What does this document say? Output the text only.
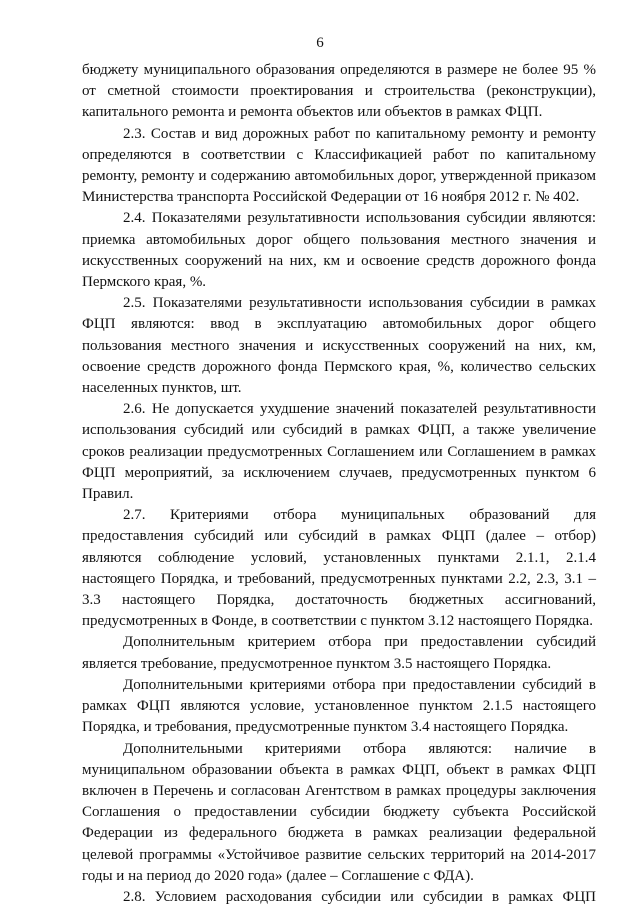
6

бюджету муниципального образования определяются в размере не более 95 % от сметной стоимости проектирования и строительства (реконструкции), капитального ремонта и ремонта объектов или объектов в рамках ФЦП.

2.3. Состав и вид дорожных работ по капитальному ремонту и ремонту определяются в соответствии с Классификацией работ по капитальному ремонту, ремонту и содержанию автомобильных дорог, утвержденной приказом Министерства транспорта Российской Федерации от 16 ноября 2012 г. № 402.

2.4. Показателями результативности использования субсидии являются: приемка автомобильных дорог общего пользования местного значения и искусственных сооружений на них, км и освоение средств дорожного фонда Пермского края, %.

2.5. Показателями результативности использования субсидии в рамках ФЦП являются: ввод в эксплуатацию автомобильных дорог общего пользования местного значения и искусственных сооружений на них, км, освоение средств дорожного фонда Пермского края, %, количество сельских населенных пунктов, шт.

2.6. Не допускается ухудшение значений показателей результативности использования субсидий или субсидий в рамках ФЦП, а также увеличение сроков реализации предусмотренных Соглашением или Соглашением в рамках ФЦП мероприятий, за исключением случаев, предусмотренных пунктом 6 Правил.

2.7. Критериями отбора муниципальных образований для предоставления субсидий или субсидий в рамках ФЦП (далее – отбор) являются соблюдение условий, установленных пунктами 2.1.1, 2.1.4 настоящего Порядка, и требований, предусмотренных пунктами 2.2, 2.3, 3.1 – 3.3 настоящего Порядка, достаточность бюджетных ассигнований, предусмотренных в Фонде, в соответствии с пунктом 3.12 настоящего Порядка.

Дополнительным критерием отбора при предоставлении субсидий является требование, предусмотренное пунктом 3.5 настоящего Порядка.

Дополнительными критериями отбора при предоставлении субсидий в рамках ФЦП являются условие, установленное пунктом 2.1.5 настоящего Порядка, и требования, предусмотренные пунктом 3.4 настоящего Порядка.

Дополнительными критериями отбора являются: наличие в муниципальном образовании объекта в рамках ФЦП, объект в рамках ФЦП включен в Перечень и согласован Агентством в рамках процедуры заключения Соглашения о предоставлении субсидии бюджету субъекта Российской Федерации из федерального бюджета в рамках реализации федеральной целевой программы «Устойчивое развитие сельских территорий на 2014-2017 годы и на период до 2020 года» (далее – Соглашение с ФДА).

2.8. Условием расходования субсидии или субсидии в рамках ФЦП
